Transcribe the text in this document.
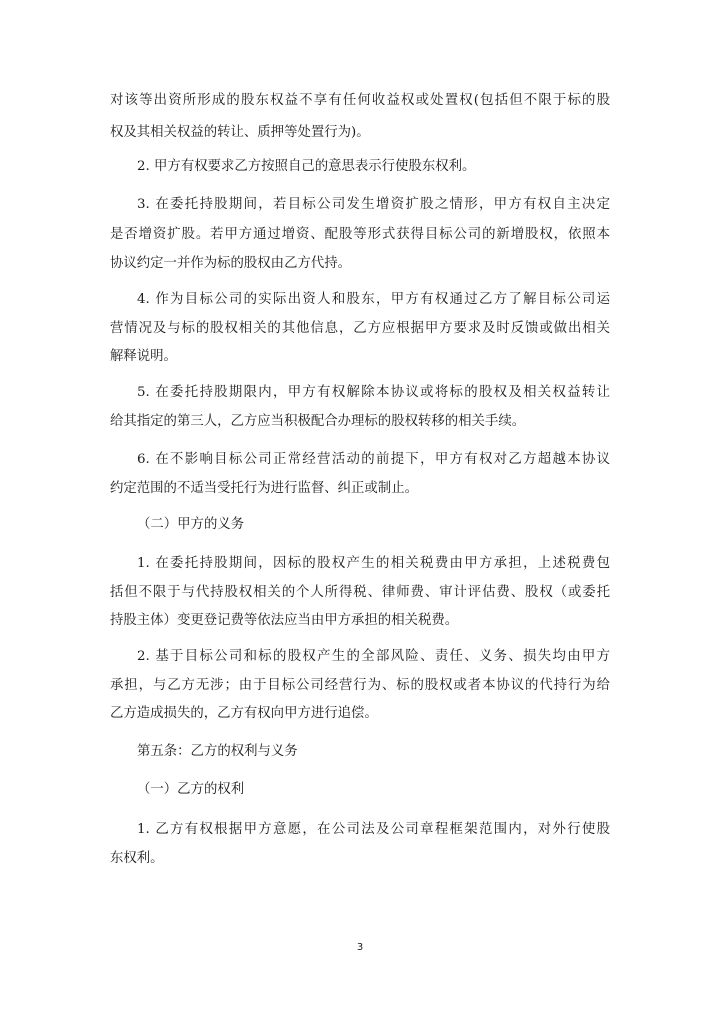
对该等出资所形成的股东权益不享有任何收益权或处置权(包括但不限于标的股
权及其相关权益的转让、质押等处置行为)。
2. 甲方有权要求乙方按照自己的意思表示行使股东权利。
3. 在委托持股期间，若目标公司发生增资扩股之情形，甲方有权自主决定
是否增资扩股。若甲方通过增资、配股等形式获得目标公司的新增股权，依照本
协议约定一并作为标的股权由乙方代持。
4. 作为目标公司的实际出资人和股东，甲方有权通过乙方了解目标公司运
营情况及与标的股权相关的其他信息，乙方应根据甲方要求及时反馈或做出相关
解释说明。
5. 在委托持股期限内，甲方有权解除本协议或将标的股权及相关权益转让
给其指定的第三人，乙方应当积极配合办理标的股权转移的相关手续。
6. 在不影响目标公司正常经营活动的前提下，甲方有权对乙方超越本协议
约定范围的不适当受托行为进行监督、纠正或制止。
（二）甲方的义务
1. 在委托持股期间，因标的股权产生的相关税费由甲方承担，上述税费包
括但不限于与代持股权相关的个人所得税、律师费、审计评估费、股权（或委托
持股主体）变更登记费等依法应当由甲方承担的相关税费。
2. 基于目标公司和标的股权产生的全部风险、责任、义务、损失均由甲方
承担，与乙方无涉；由于目标公司经营行为、标的股权或者本协议的代持行为给
乙方造成损失的，乙方有权向甲方进行追偿。
第五条：乙方的权利与义务
（一）乙方的权利
1. 乙方有权根据甲方意愿，在公司法及公司章程框架范围内，对外行使股
东权利。
3
